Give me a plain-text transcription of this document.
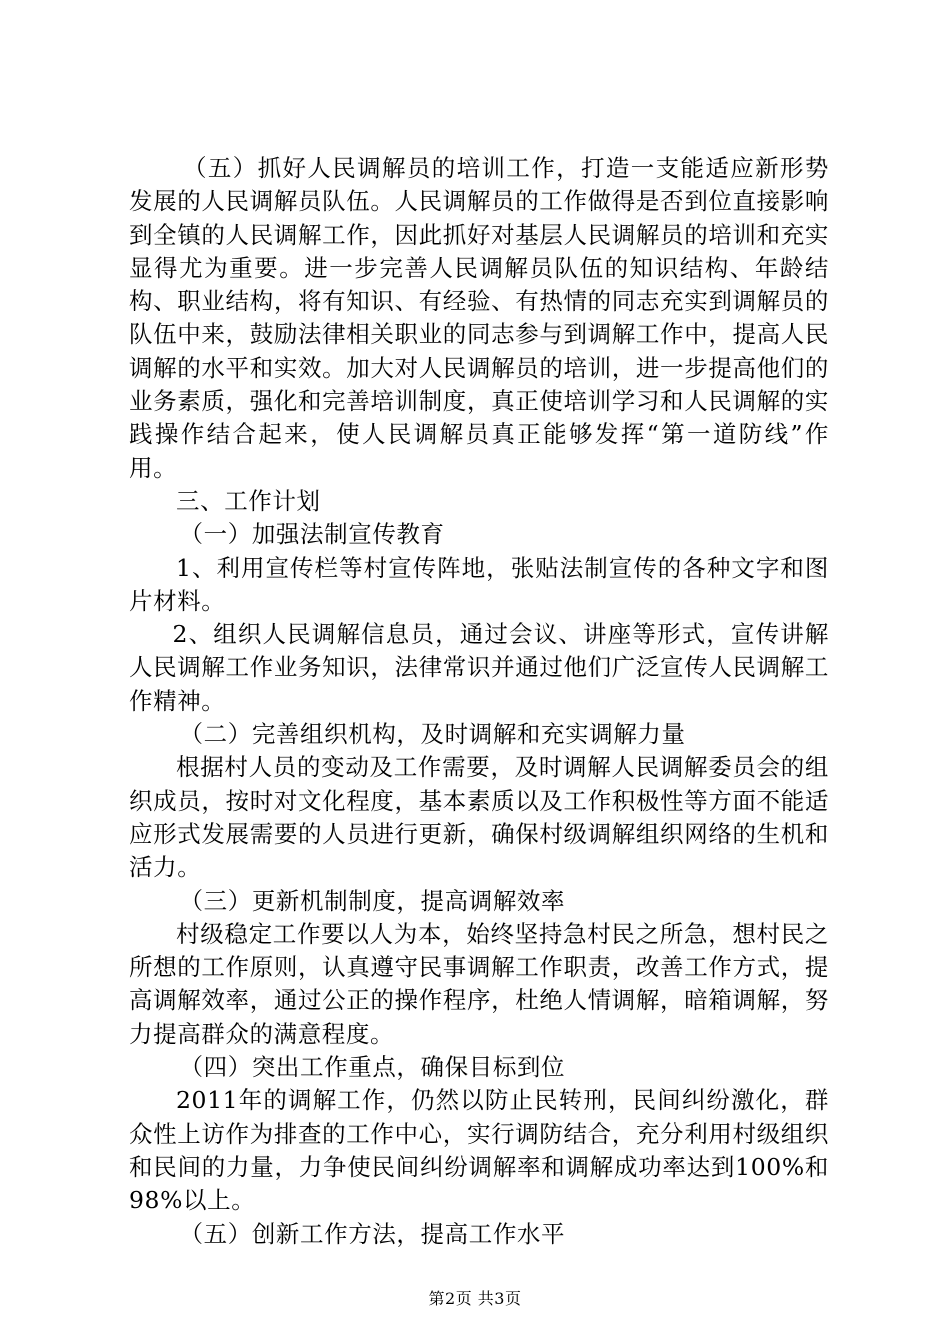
（五）抓好人民调解员的培训工作，打造一支能适应新形势发展的人民调解员队伍。人民调解员的工作做得是否到位直接影响到全镇的人民调解工作，因此抓好对基层人民调解员的培训和充实显得尤为重要。进一步完善人民调解员队伍的知识结构、年龄结构、职业结构，将有知识、有经验、有热情的同志充实到调解员的队伍中来，鼓励法律相关职业的同志参与到调解工作中，提高人民调解的水平和实效。加大对人民调解员的培训，进一步提高他们的业务素质，强化和完善培训制度，真正使培训学习和人民调解的实践操作结合起来，使人民调解员真正能够发挥“第一道防线”作用。

三、工作计划

（一）加强法制宣传教育

1、利用宣传栏等村宣传阵地，张贴法制宣传的各种文字和图片材料。

2、组织人民调解信息员，通过会议、讲座等形式，宣传讲解人民调解工作业务知识，法律常识并通过他们广泛宣传人民调解工作精神。

（二）完善组织机构，及时调解和充实调解力量

根据村人员的变动及工作需要，及时调解人民调解委员会的组织成员，按时对文化程度，基本素质以及工作积极性等方面不能适应形式发展需要的人员进行更新，确保村级调解组织网络的生机和活力。

（三）更新机制制度，提高调解效率

村级稳定工作要以人为本，始终坚持急村民之所急，想村民之所想的工作原则，认真遵守民事调解工作职责，改善工作方式，提高调解效率，通过公正的操作程序，杜绝人情调解，暗箱调解，努力提高群众的满意程度。

（四）突出工作重点，确保目标到位

2011年的调解工作，仍然以防止民转刑，民间纠纷激化，群众性上访作为排查的工作中心，实行调防结合，充分利用村级组织和民间的力量，力争使民间纠纷调解率和调解成功率达到100%和98%以上。

（五）创新工作方法，提高工作水平

第2页 共3页
